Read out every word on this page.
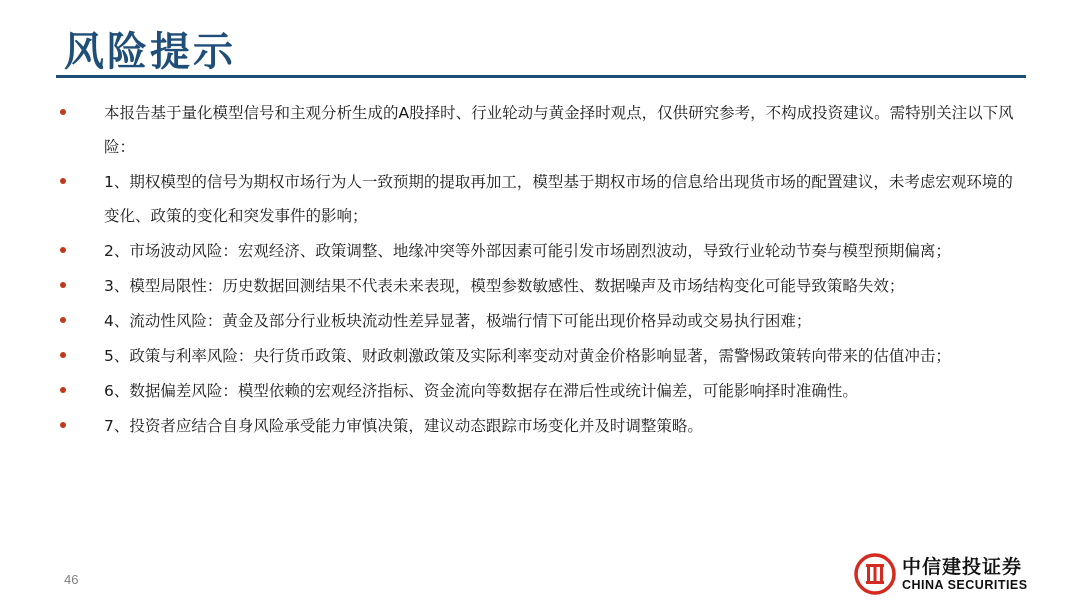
风险提示
本报告基于量化模型信号和主观分析生成的A股择时、行业轮动与黄金择时观点，仅供研究参考，不构成投资建议。需特别关注以下风险：
1、期权模型的信号为期权市场行为人一致预期的提取再加工，模型基于期权市场的信息给出现货市场的配置建议，未考虑宏观环境的变化、政策的变化和突发事件的影响；
2、市场波动风险：宏观经济、政策调整、地缘冲突等外部因素可能引发市场剧烈波动，导致行业轮动节奏与模型预期偏离；
3、模型局限性：历史数据回测结果不代表未来表现，模型参数敏感性、数据噪声及市场结构变化可能导致策略失效；
4、流动性风险：黄金及部分行业板块流动性差异显著，极端行情下可能出现价格异动或交易执行困难；
5、政策与利率风险：央行货币政策、财政刺激政策及实际利率变动对黄金价格影响显著，需警惕政策转向带来的估值冲击；
6、数据偏差风险：模型依赖的宏观经济指标、资金流向等数据存在滞后性或统计偏差，可能影响择时准确性。
7、投资者应结合自身风险承受能力审慎决策，建议动态跟踪市场变化并及时调整策略。
46
中信建投证券
CHINA SECURITIES
